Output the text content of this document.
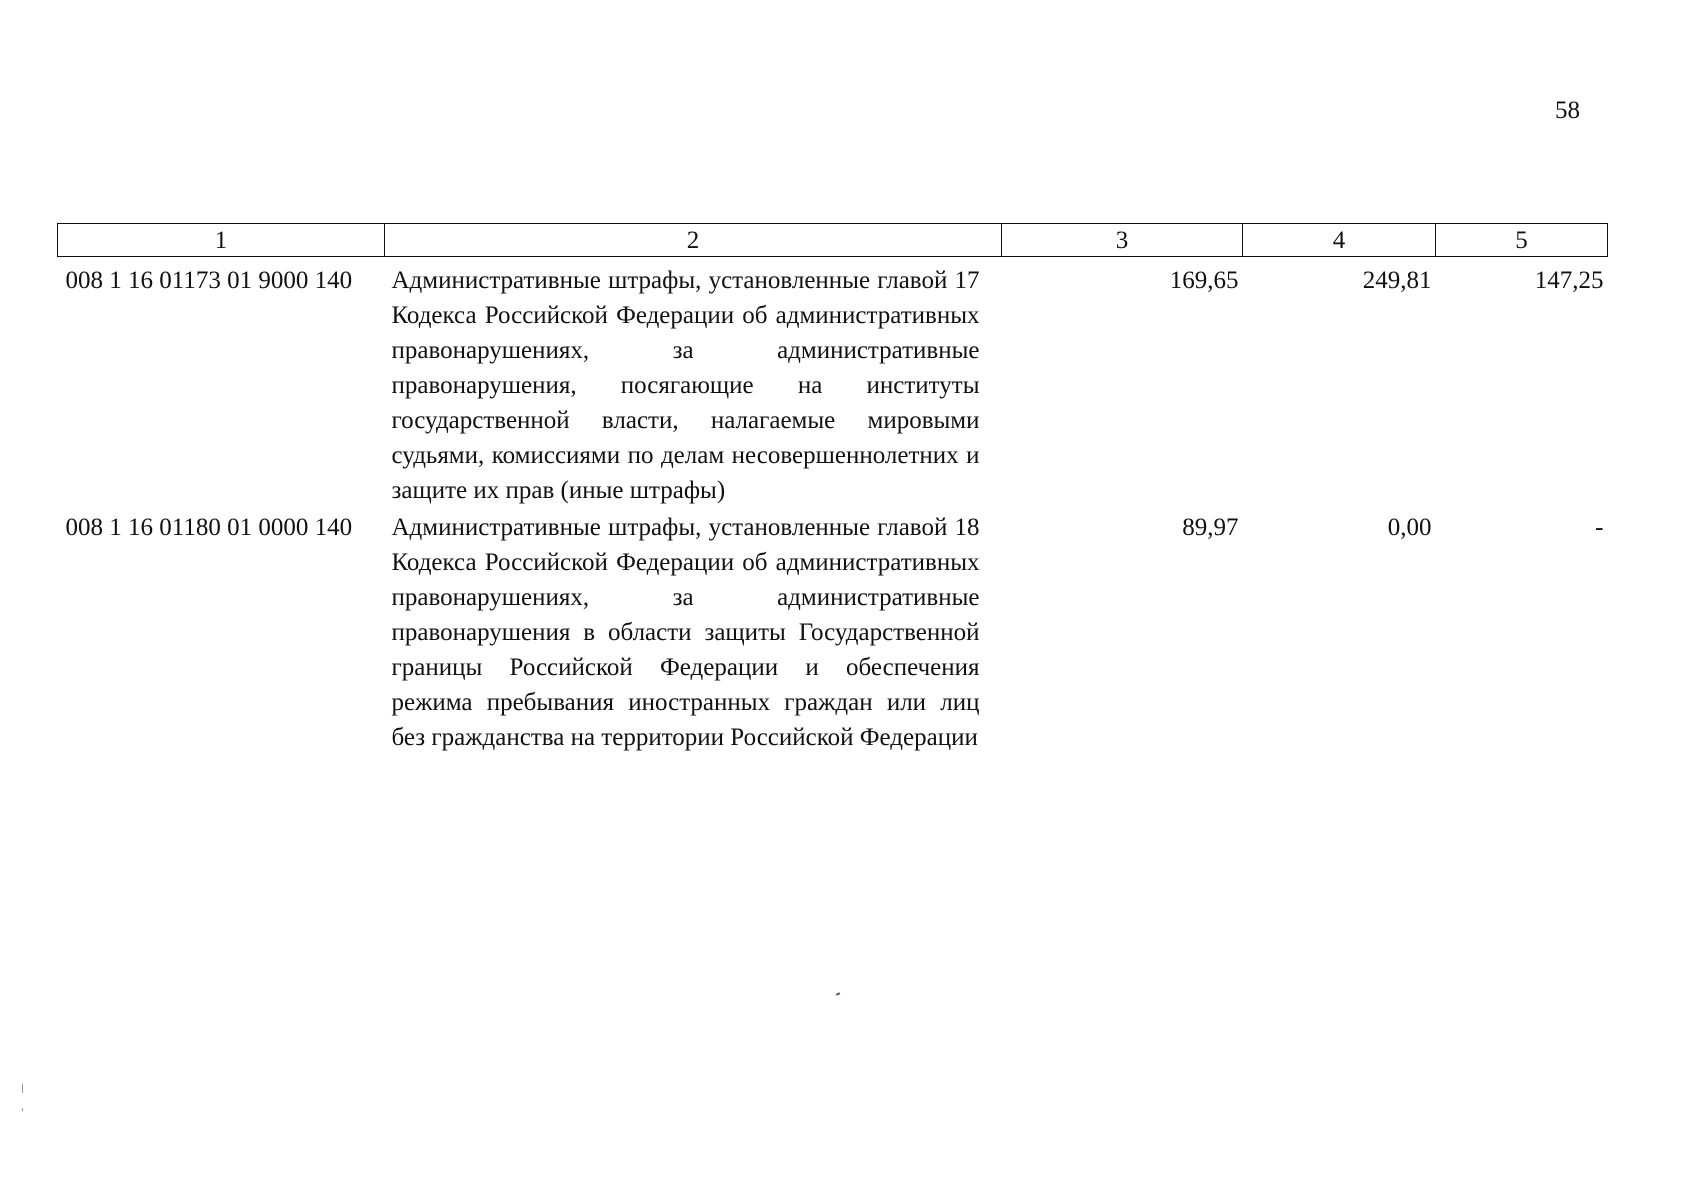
58
1	2	3	4	5
008 1 16 01173 01 9000 140	Административные штрафы, установленные главой 17 Кодекса Российской Федерации об административных правонарушениях, за административные правонарушения, посягающие на институты государственной власти, налагаемые мировыми судьями, комиссиями по делам несовершеннолетних и защите их прав (иные штрафы)	169,65	249,81	147,25
008 1 16 01180 01 0000 140	Административные штрафы, установленные главой 18 Кодекса Российской Федерации об административных правонарушениях, за административные правонарушения в области защиты Государственной границы Российской Федерации и обеспечения режима пребывания иностранных граждан или лиц без гражданства на территории Российской Федерации	89,97	0,00	-
